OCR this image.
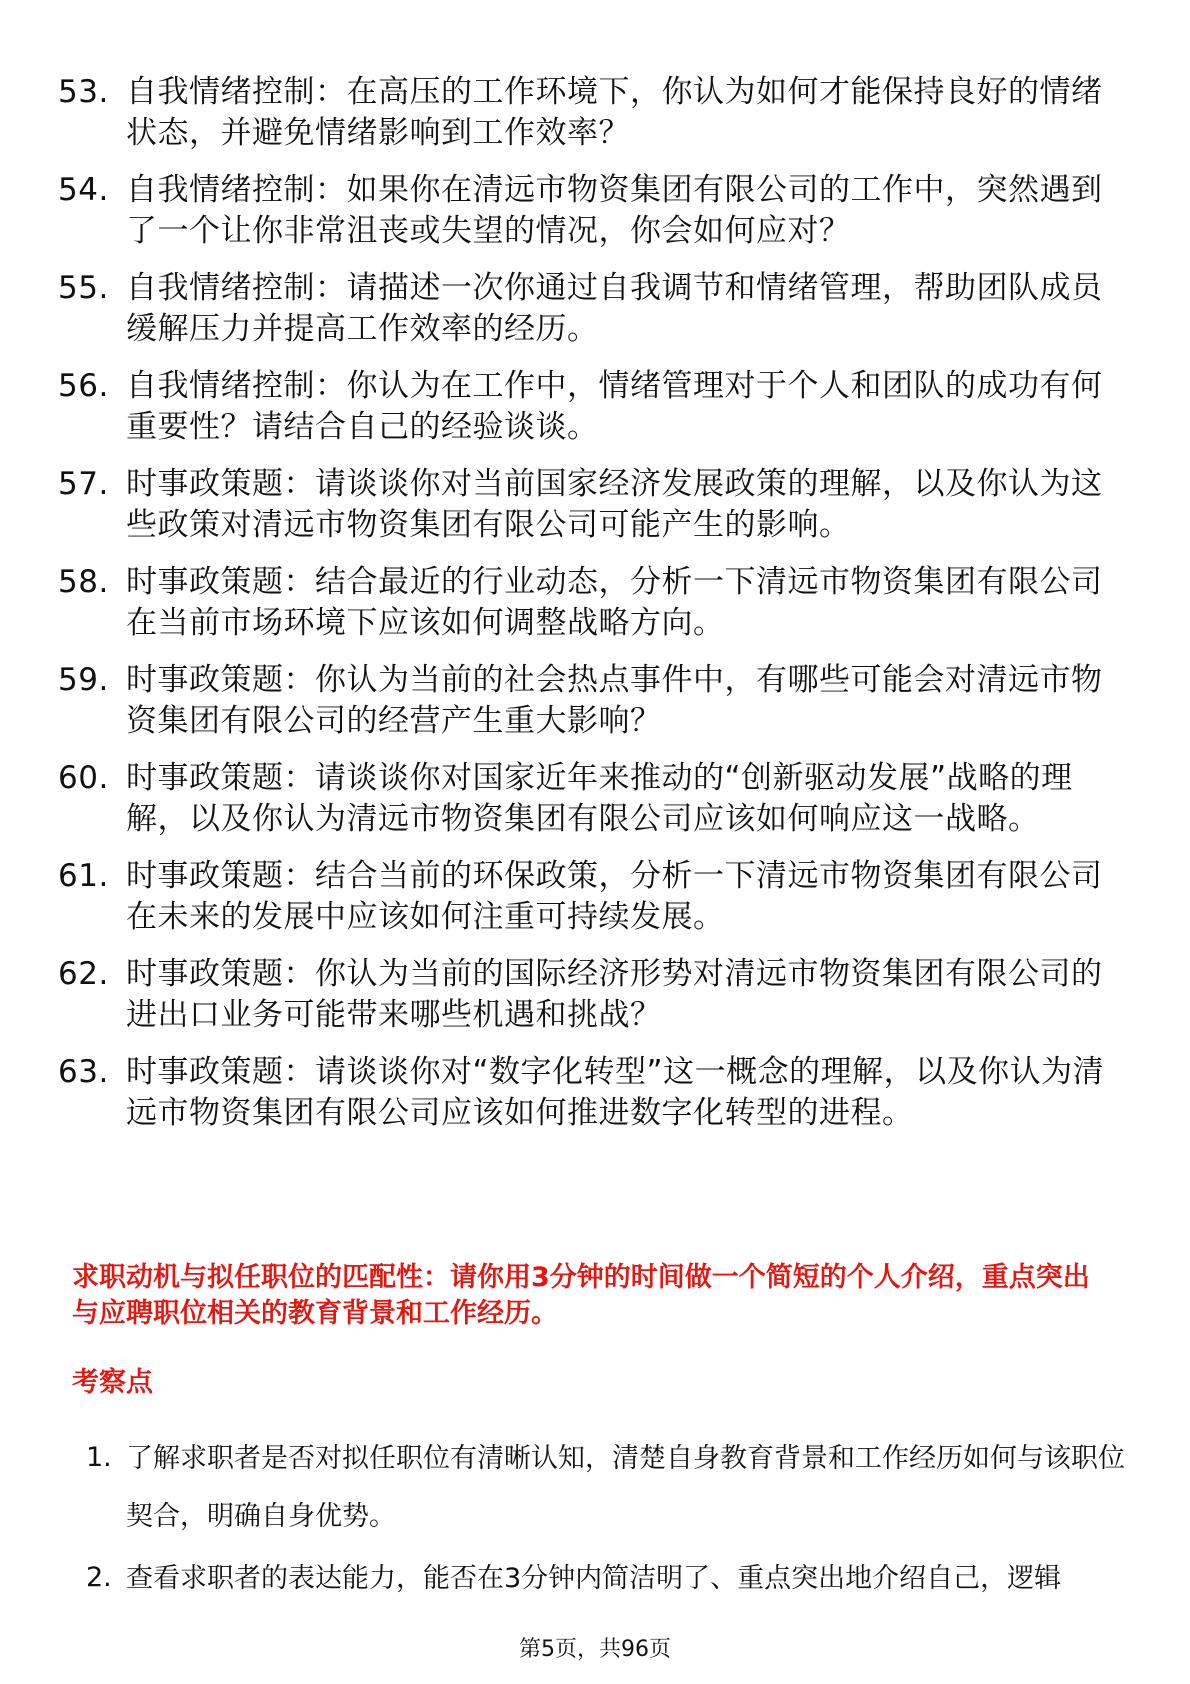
53. 自我情绪控制：在高压的工作环境下，你认为如何才能保持良好的情绪状态，并避免情绪影响到工作效率？
54. 自我情绪控制：如果你在清远市物资集团有限公司的工作中，突然遇到了一个让你非常沮丧或失望的情况，你会如何应对？
55. 自我情绪控制：请描述一次你通过自我调节和情绪管理，帮助团队成员缓解压力并提高工作效率的经历。
56. 自我情绪控制：你认为在工作中，情绪管理对于个人和团队的成功有何重要性？请结合自己的经验谈谈。
57. 时事政策题：请谈谈你对当前国家经济发展政策的理解，以及你认为这些政策对清远市物资集团有限公司可能产生的影响。
58. 时事政策题：结合最近的行业动态，分析一下清远市物资集团有限公司在当前市场环境下应该如何调整战略方向。
59. 时事政策题：你认为当前的社会热点事件中，有哪些可能会对清远市物资集团有限公司的经营产生重大影响？
60. 时事政策题：请谈谈你对国家近年来推动的“创新驱动发展”战略的理解，以及你认为清远市物资集团有限公司应该如何响应这一战略。
61. 时事政策题：结合当前的环保政策，分析一下清远市物资集团有限公司在未来的发展中应该如何注重可持续发展。
62. 时事政策题：你认为当前的国际经济形势对清远市物资集团有限公司的进出口业务可能带来哪些机遇和挑战？
63. 时事政策题：请谈谈你对“数字化转型”这一概念的理解，以及你认为清远市物资集团有限公司应该如何推进数字化转型的进程。
求职动机与拟任职位的匹配性：请你用3分钟的时间做一个简短的个人介绍，重点突出与应聘职位相关的教育背景和工作经历。
考察点
1. 了解求职者是否对拟任职位有清晰认知，清楚自身教育背景和工作经历如何与该职位契合，明确自身优势。
2. 查看求职者的表达能力，能否在3分钟内简洁明了、重点突出地介绍自己，逻辑
第5页，共96页
